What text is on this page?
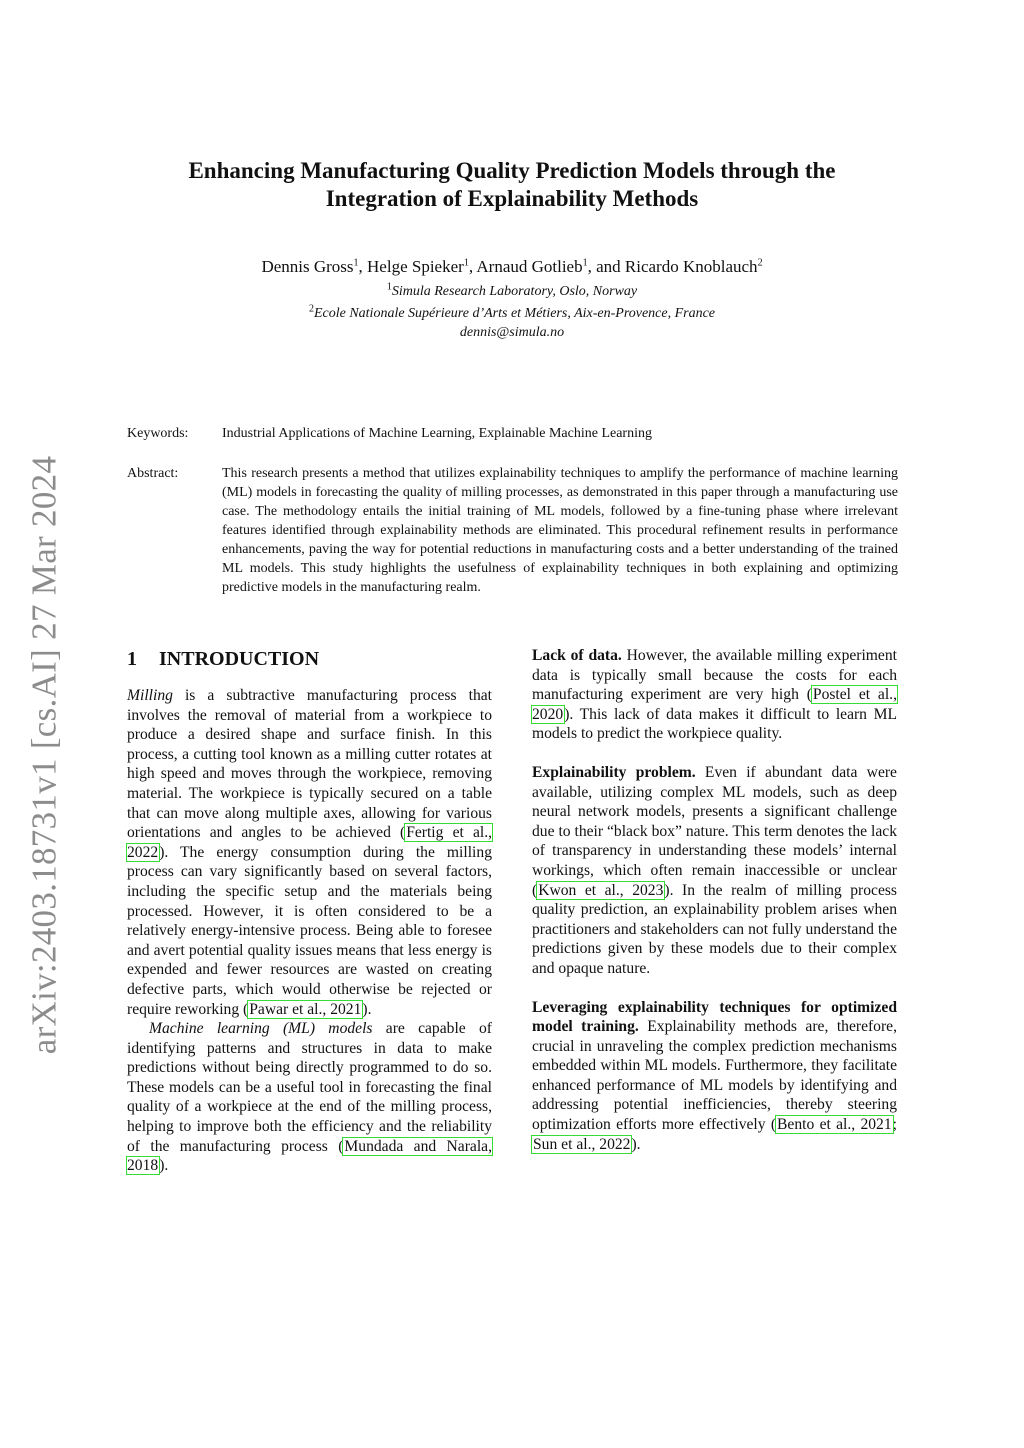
arXiv:2403.18731v1 [cs.AI] 27 Mar 2024
Enhancing Manufacturing Quality Prediction Models through the
Integration of Explainability Methods
Dennis Gross$^1$, Helge Spieker$^1$, Arnaud Gotlieb$^1$, and Ricardo Knoblauch$^2$
$^1$Simula Research Laboratory, Oslo, Norway
$^2$Ecole Nationale Supérieure d’Arts et Métiers, Aix-en-Provence, France
dennis@simula.no
Keywords: Industrial Applications of Machine Learning, Explainable Machine Learning
Abstract:	This research presents a method that utilizes explainability techniques to amplify the performance of machine learning (ML) models in forecasting the quality of milling processes, as demonstrated in this paper through a manufacturing use case. The methodology entails the initial training of ML models, followed by a fine-tuning phase where irrelevant features identified through explainability methods are eliminated. This procedural refinement results in performance enhancements, paving the way for potential reductions in manufacturing costs and a better understanding of the trained ML models. This study highlights the usefulness of explainability techniques in both explaining and optimizing predictive models in the manufacturing realm.
1 INTRODUCTION

Milling is a subtractive manufacturing process that involves the removal of material from a workpiece to produce a desired shape and surface finish. In this process, a cutting tool known as a milling cutter rotates at high speed and moves through the workpiece, removing material. The workpiece is typically secured on a table that can move along multiple axes, allowing for various orientations and angles to be achieved (Fertig et al., 2022). The energy consumption during the milling process can vary significantly based on several factors, including the specific setup and the materials being processed. However, it is often considered to be a relatively energy-intensive process. Being able to foresee and avert potential quality issues means that less energy is expended and fewer resources are wasted on creating defective parts, which would otherwise be rejected or require reworking (Pawar et al., 2021).

Machine learning (ML) models are capable of identifying patterns and structures in data to make predictions without being directly programmed to do so. These models can be a useful tool in forecasting the final quality of a workpiece at the end of the milling process, helping to improve both the efficiency and the reliability of the manufacturing process (Mundada and Narala, 2018).

Lack of data. However, the available milling experiment data is typically small because the costs for each manufacturing experiment are very high (Postel et al., 2020). This lack of data makes it difficult to learn ML models to predict the workpiece quality.

Explainability problem. Even if abundant data were available, utilizing complex ML models, such as deep neural network models, presents a significant challenge due to their “black box” nature. This term denotes the lack of transparency in understanding these models’ internal workings, which often remain inaccessible or unclear (Kwon et al., 2023). In the realm of milling process quality prediction, an explainability problem arises when practitioners and stakeholders can not fully understand the predictions given by these models due to their complex and opaque nature.

Leveraging explainability techniques for optimized model training. Explainability methods are, therefore, crucial in unraveling the complex prediction mechanisms embedded within ML models. Furthermore, they facilitate enhanced performance of ML models by identifying and addressing potential inefficiencies, thereby steering optimization efforts more effectively (Bento et al., 2021; Sun et al., 2022).
